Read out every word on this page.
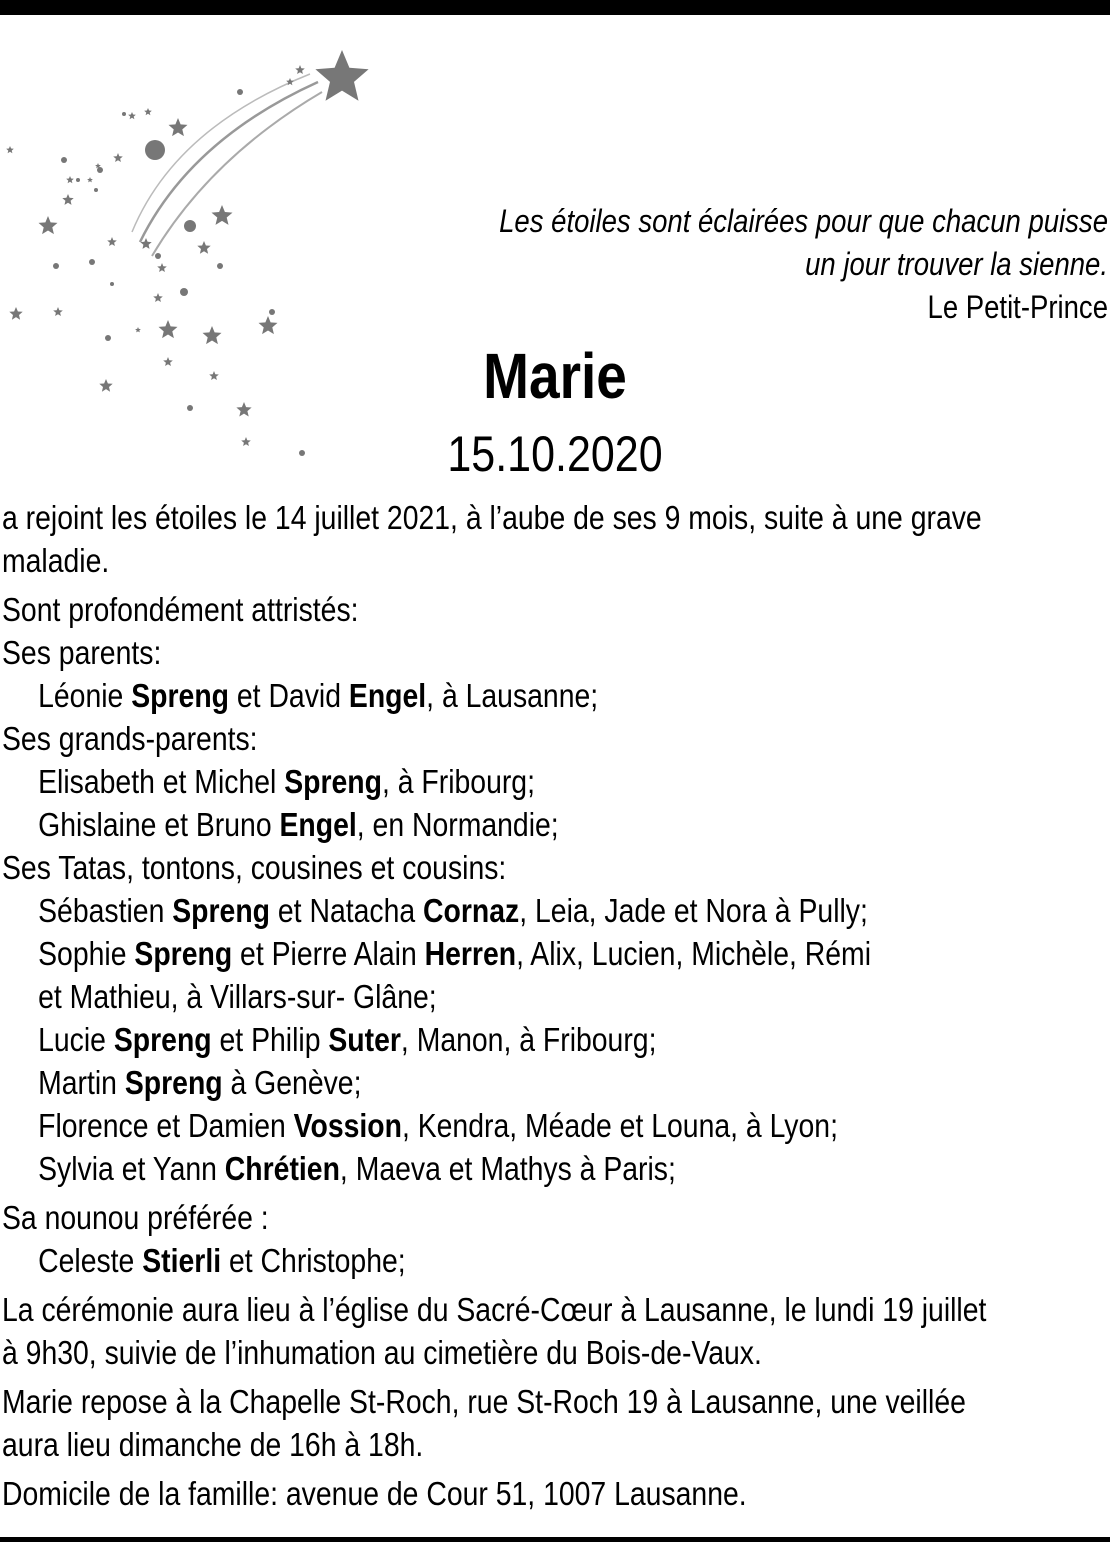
Les étoiles sont éclairées pour que chacun puisse
un jour trouver la sienne.
Le Petit-Prince
Marie
15.10.2020

a rejoint les étoiles le 14 juillet 2021, à l’aube de ses 9 mois, suite à une grave

maladie.

Sont profondément attristés:

Ses parents:

Léonie Spreng et David Engel, à Lausanne;

Ses grands-parents:

Elisabeth et Michel Spreng, à Fribourg;

Ghislaine et Bruno Engel, en Normandie;

Ses Tatas, tontons, cousines et cousins:

Sébastien Spreng et Natacha Cornaz, Leia, Jade et Nora à Pully;

Sophie Spreng et Pierre Alain Herren, Alix, Lucien, Michèle, Rémi

et Mathieu, à Villars-sur- Glâne;

Lucie Spreng et Philip Suter, Manon, à Fribourg;

Martin Spreng à Genève;

Florence et Damien Vossion, Kendra, Méade et Louna, à Lyon;

Sylvia et Yann Chrétien, Maeva et Mathys à Paris;

Sa nounou préférée :

Celeste Stierli et Christophe;

La cérémonie aura lieu à l’église du Sacré-Cœur à Lausanne, le lundi 19 juillet

à 9h30, suivie de l’inhumation au cimetière du Bois-de-Vaux.

Marie repose à la Chapelle St-Roch, rue St-Roch 19 à Lausanne, une veillée

aura lieu dimanche de 16h à 18h.

Domicile de la famille: avenue de Cour 51, 1007 Lausanne.
